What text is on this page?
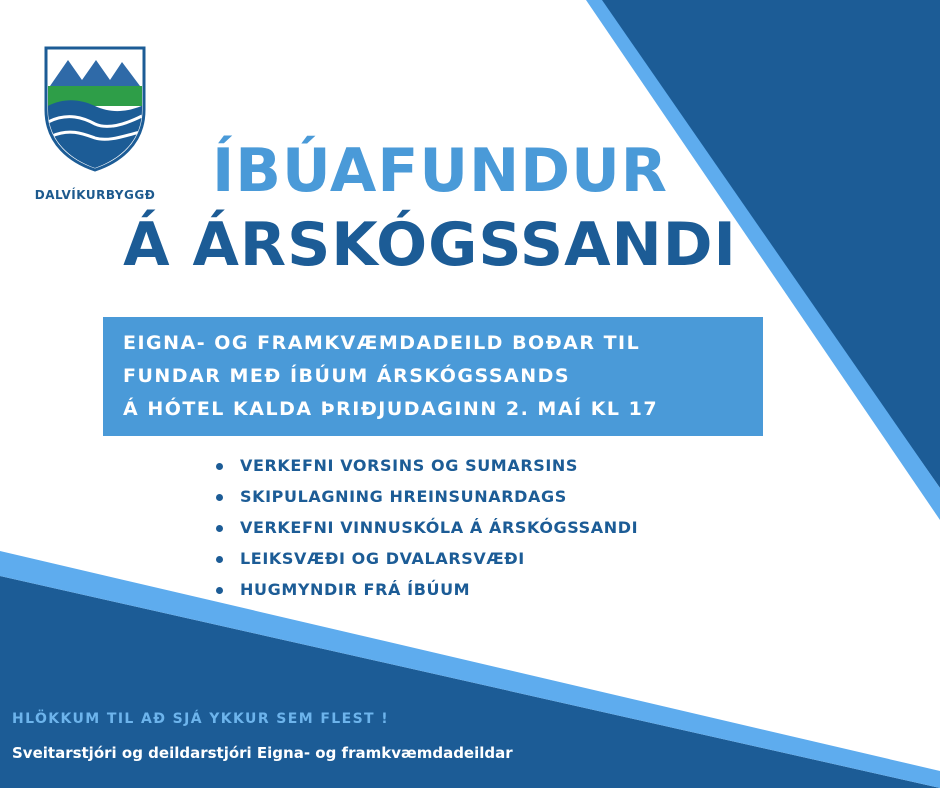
DALVÍKURBYGGÐ ÍBÚAFUNDUR
Á ÁRSKÓGSSANDI
EIGNA- OG FRAMKVÆMDADEILD BOÐAR TIL
FUNDAR MEÐ ÍBÚUM ÁRSKÓGSSANDS
Á HÓTEL KALDA ÞRIÐJUDAGINN 2. MAÍ KL 17
VERKEFNI VORSINS OG SUMARSINS
SKIPULAGNING HREINSUNARDAGS
VERKEFNI VINNUSKÓLA Á ÁRSKÓGSSANDI
LEIKSVÆÐI OG DVALARSVÆÐI
HUGMYNDIR FRÁ ÍBÚUM
HLÖKKUM TIL AÐ SJÁ YKKUR SEM FLEST !
Sveitarstjóri og deildarstjóri Eigna- og framkvæmdadeildar
